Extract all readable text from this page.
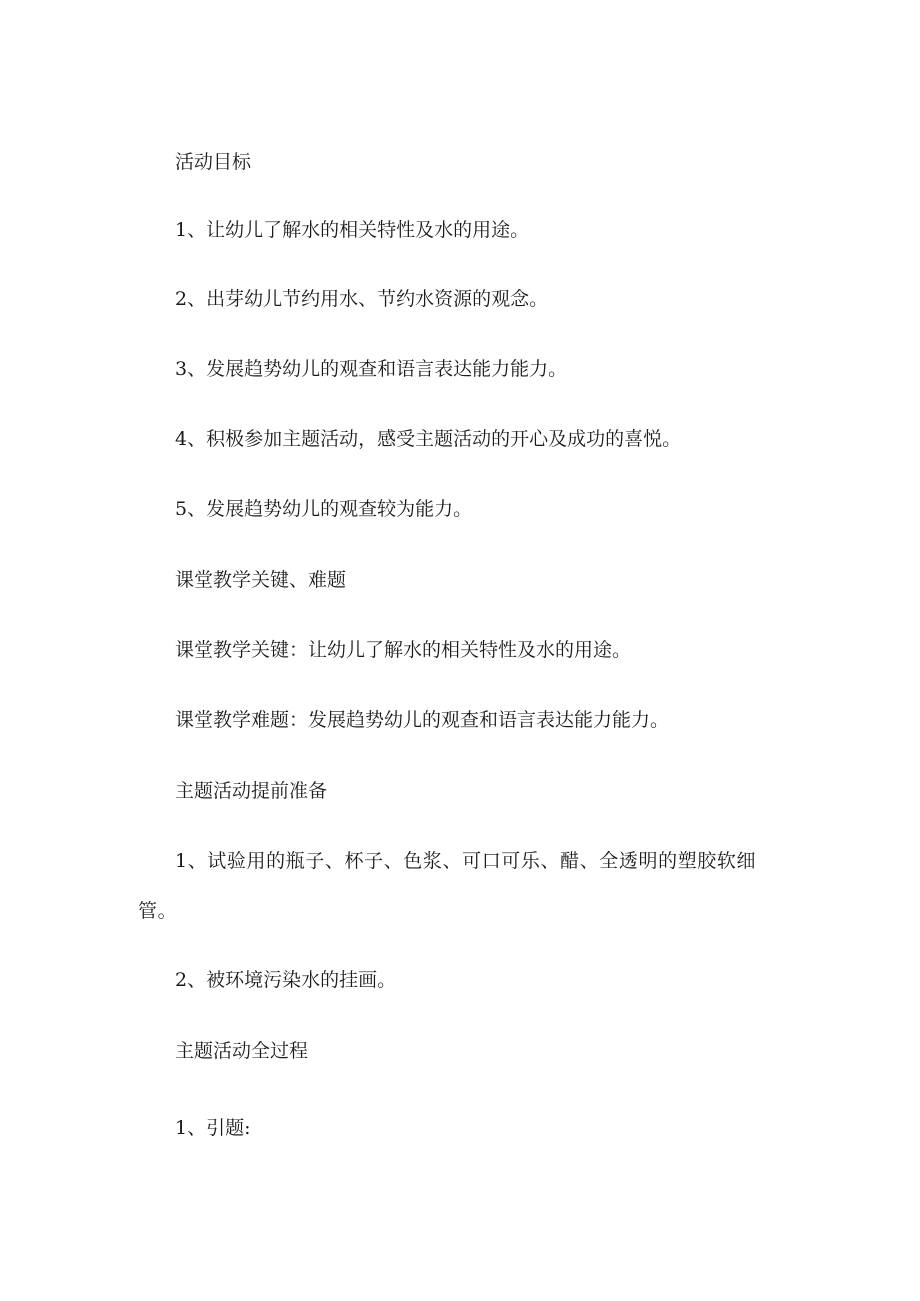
活动目标

1、让幼儿了解水的相关特性及水的用途。

2、出芽幼儿节约用水、节约水资源的观念。

3、发展趋势幼儿的观查和语言表达能力能力。

4、积极参加主题活动，感受主题活动的开心及成功的喜悦。

5、发展趋势幼儿的观查较为能力。

课堂教学关键、难题

课堂教学关键：让幼儿了解水的相关特性及水的用途。

课堂教学难题：发展趋势幼儿的观查和语言表达能力能力。

主题活动提前准备

1、试验用的瓶子、杯子、色浆、可口可乐、醋、全透明的塑胶软细管。

2、被环境污染水的挂画。

主题活动全过程

1、引题:
